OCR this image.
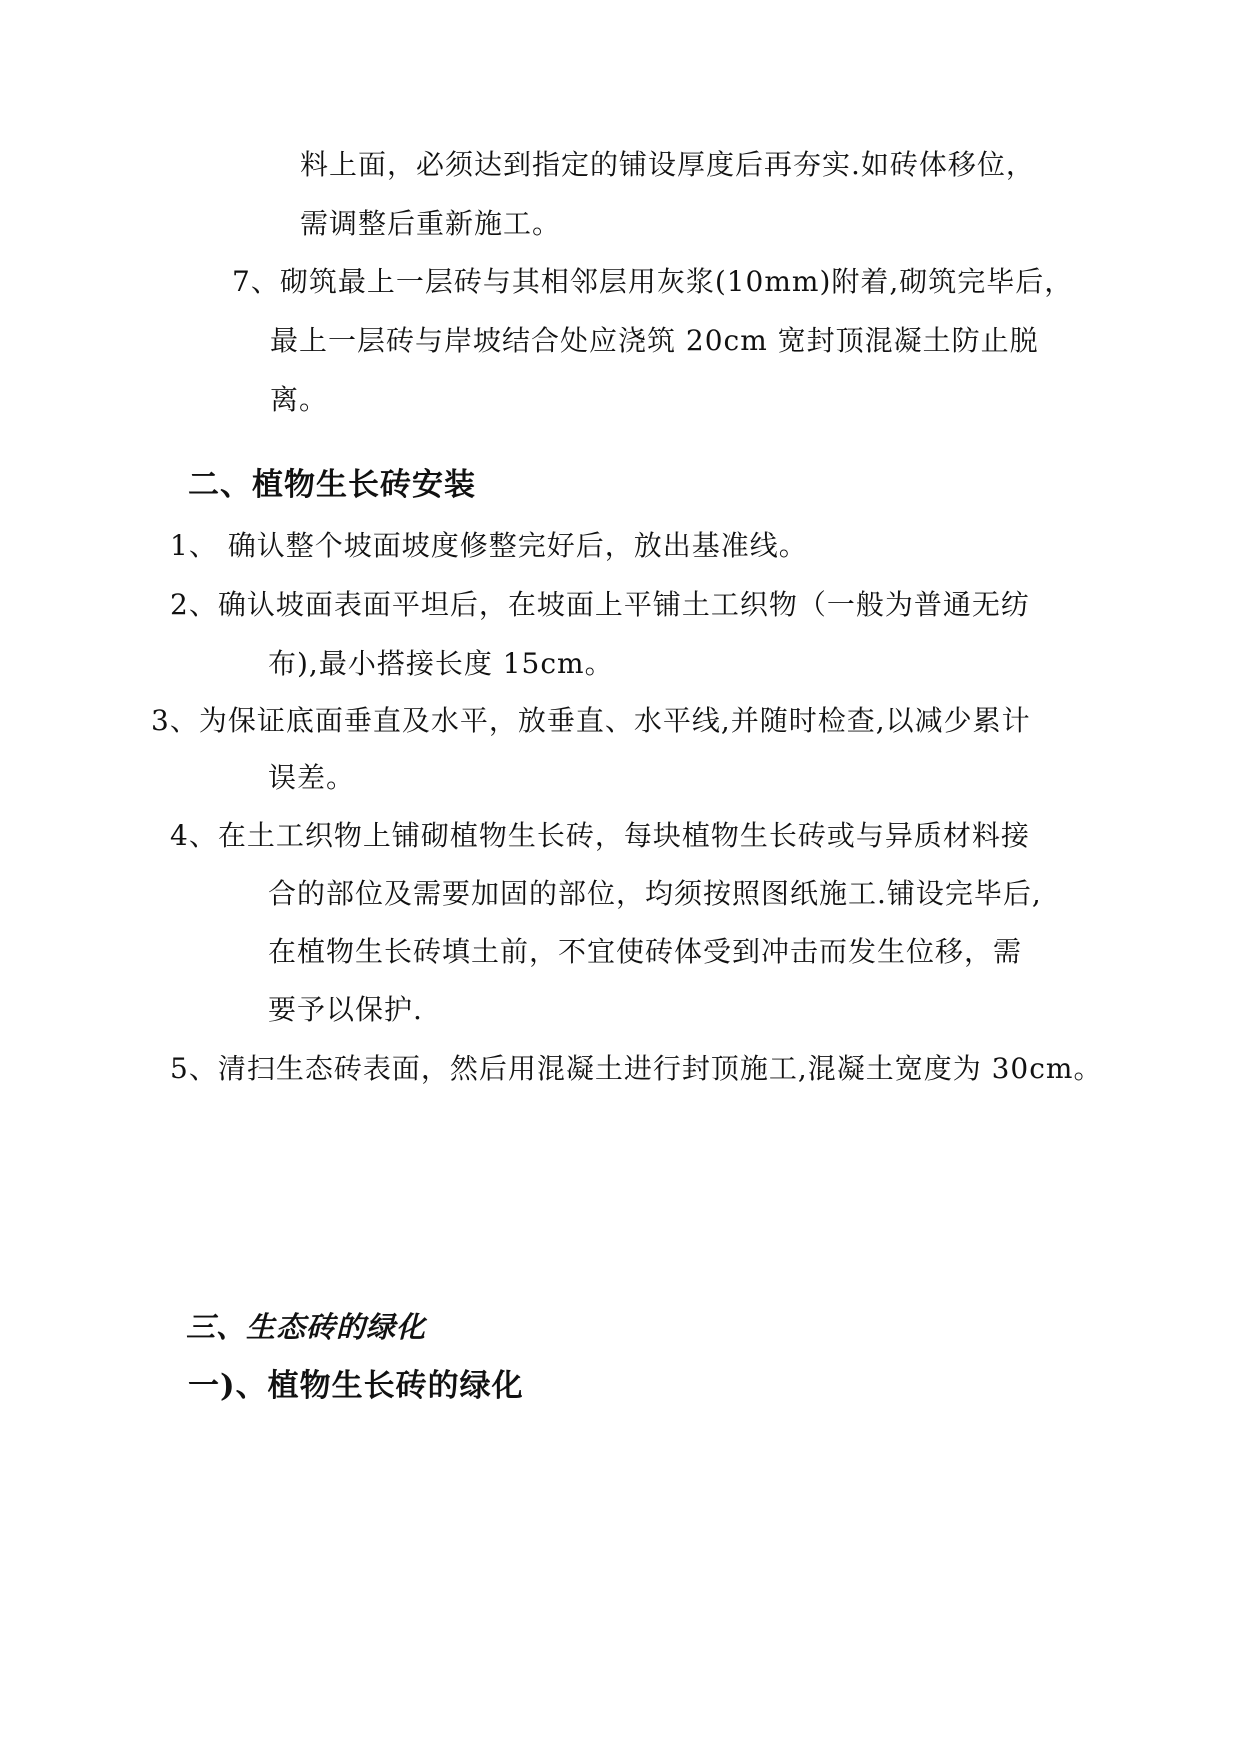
料上面，必须达到指定的铺设厚度后再夯实.如砖体移位，
需调整后重新施工。
7、砌筑最上一层砖与其相邻层用灰浆(10mm)附着,砌筑完毕后，
最上一层砖与岸坡结合处应浇筑 20cm 宽封顶混凝土防止脱
离。
二、植物生长砖安装
1、 确认整个坡面坡度修整完好后，放出基准线。
2、确认坡面表面平坦后，在坡面上平铺土工织物（一般为普通无纺
布),最小搭接长度 15cm。
3、为保证底面垂直及水平，放垂直、水平线,并随时检查,以减少累计
误差。
4、在土工织物上铺砌植物生长砖，每块植物生长砖或与异质材料接
合的部位及需要加固的部位，均须按照图纸施工.铺设完毕后,
在植物生长砖填土前，不宜使砖体受到冲击而发生位移，需
要予以保护.
5、清扫生态砖表面，然后用混凝土进行封顶施工,混凝土宽度为 30cm。
三、生态砖的绿化
一)、植物生长砖的绿化
